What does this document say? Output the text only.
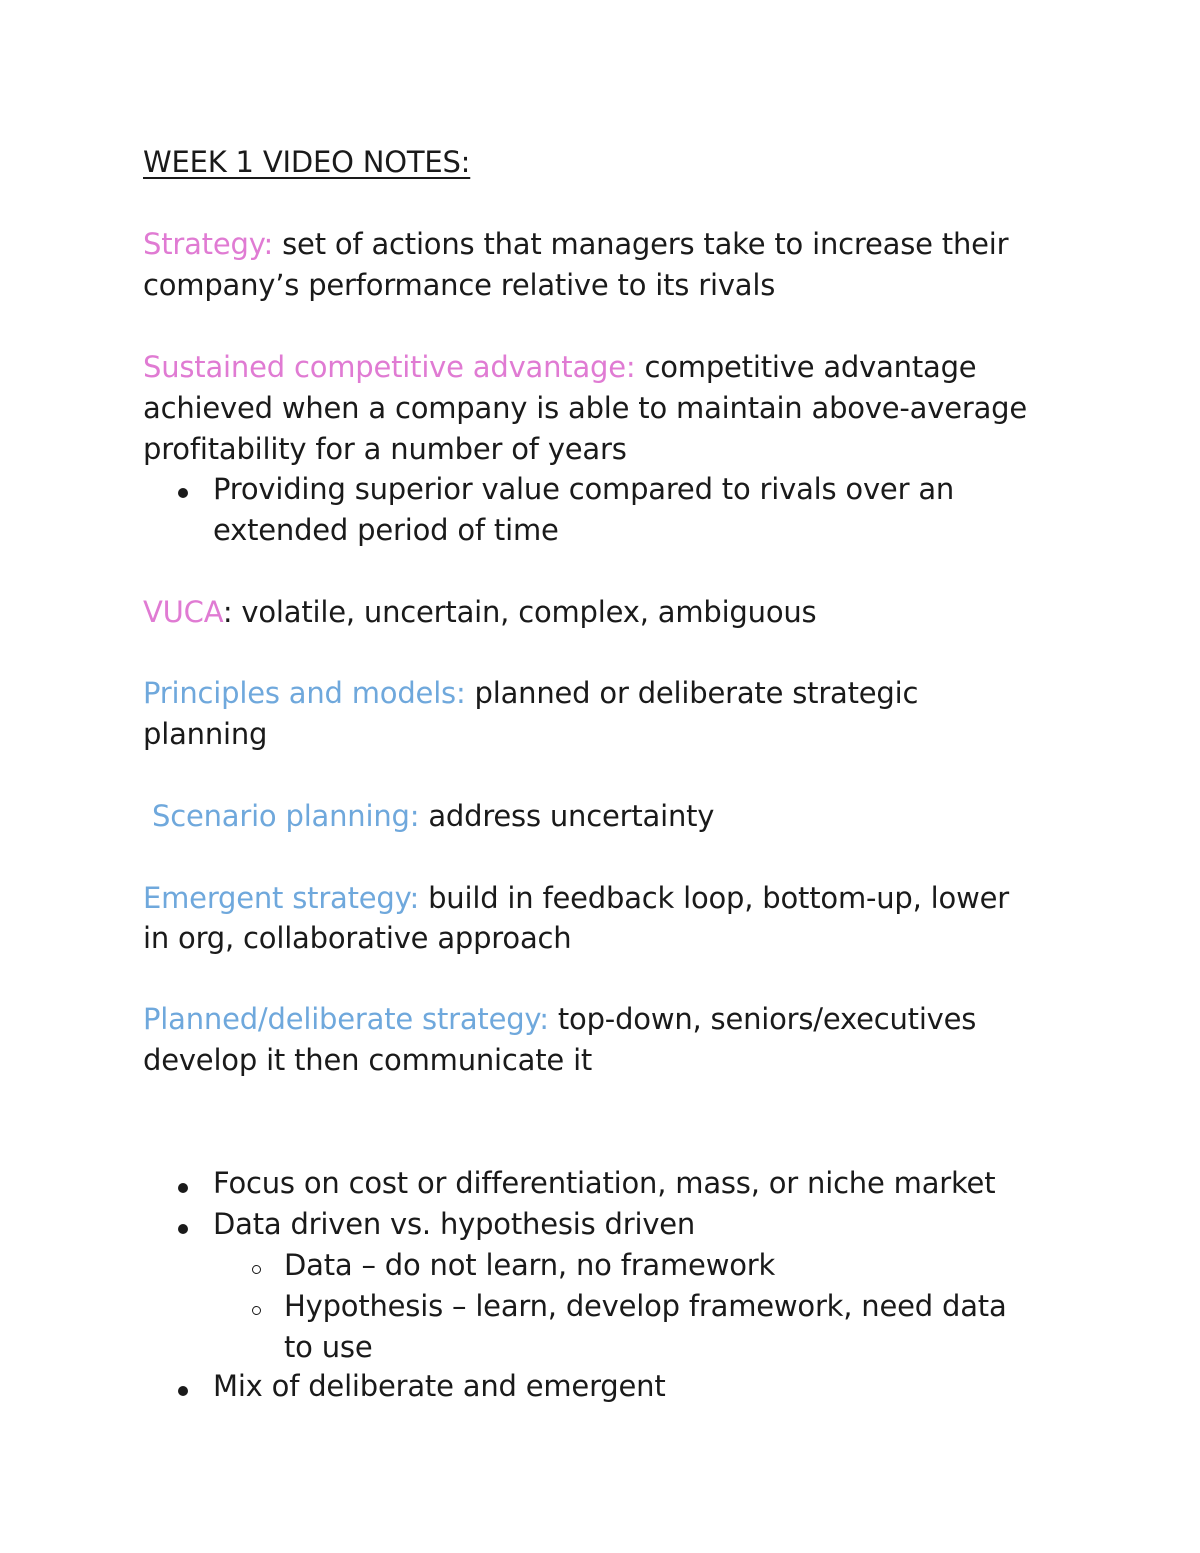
WEEK 1 VIDEO NOTES:
Strategy: set of actions that managers take to increase their
company’s performance relative to its rivals
Sustained competitive advantage: competitive advantage
achieved when a company is able to maintain above-average
profitability for a number of years
Providing superior value compared to rivals over an
extended period of time
VUCA: volatile, uncertain, complex, ambiguous
Principles and models: planned or deliberate strategic
planning
Scenario planning: address uncertainty
Emergent strategy: build in feedback loop, bottom-up, lower
in org, collaborative approach
Planned/deliberate strategy: top-down, seniors/executives
develop it then communicate it
Focus on cost or differentiation, mass, or niche market
Data driven vs. hypothesis driven
Data – do not learn, no framework
Hypothesis – learn, develop framework, need data
to use
Mix of deliberate and emergent
